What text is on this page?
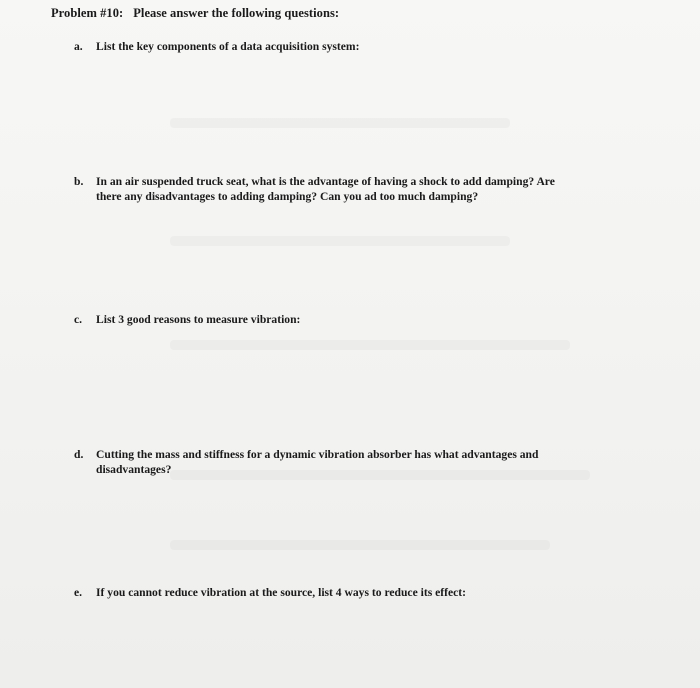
Problem #10: Please answer the following questions:
a. List the key components of a data acquisition system:
b. In an air suspended truck seat, what is the advantage of having a shock to add damping? Are
there any disadvantages to adding damping? Can you ad too much damping?
c. List 3 good reasons to measure vibration:
d. Cutting the mass and stiffness for a dynamic vibration absorber has what advantages and
disadvantages?
e. If you cannot reduce vibration at the source, list 4 ways to reduce its effect:
